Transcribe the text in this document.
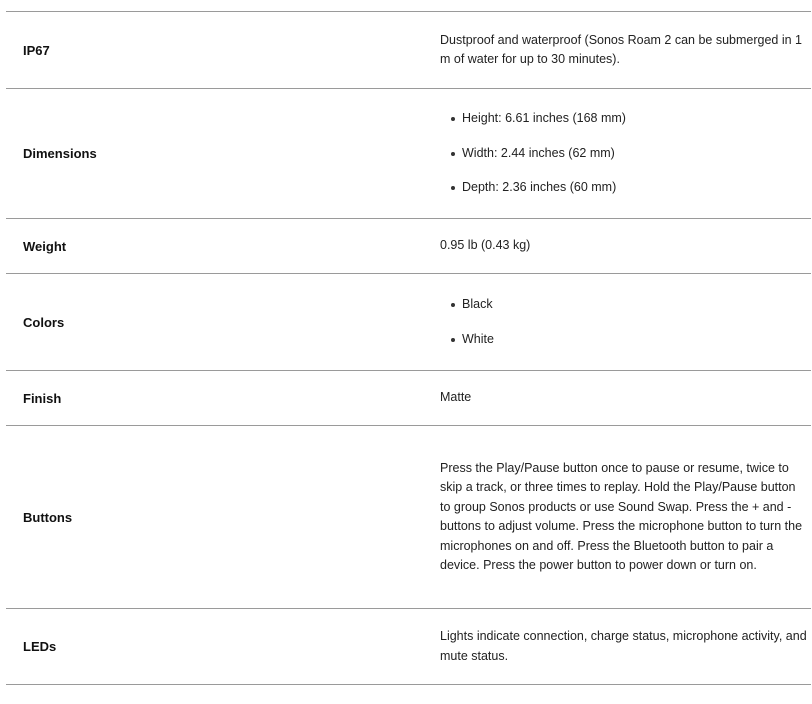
IP67

Dustproof and waterproof (Sonos Roam 2 can be submerged in 1 m of water for up to 30 minutes).

Dimensions
Height: 6.61 inches (168 mm)
Width: 2.44 inches (62 mm)
Depth: 2.36 inches (60 mm)
Weight	0.95 lb (0.43 kg)

Colors
Black
White
Finish	Matte

Buttons

Press the Play/Pause button once to pause or resume, twice to skip a track, or three times to replay. Hold the Play/Pause button to group Sonos products or use Sound Swap. Press the + and - buttons to adjust volume. Press the microphone button to turn the microphones on and off. Press the Bluetooth button to pair a device. Press the power button to power down or turn on.

LEDs

Lights indicate connection, charge status, microphone activity, and mute status.
